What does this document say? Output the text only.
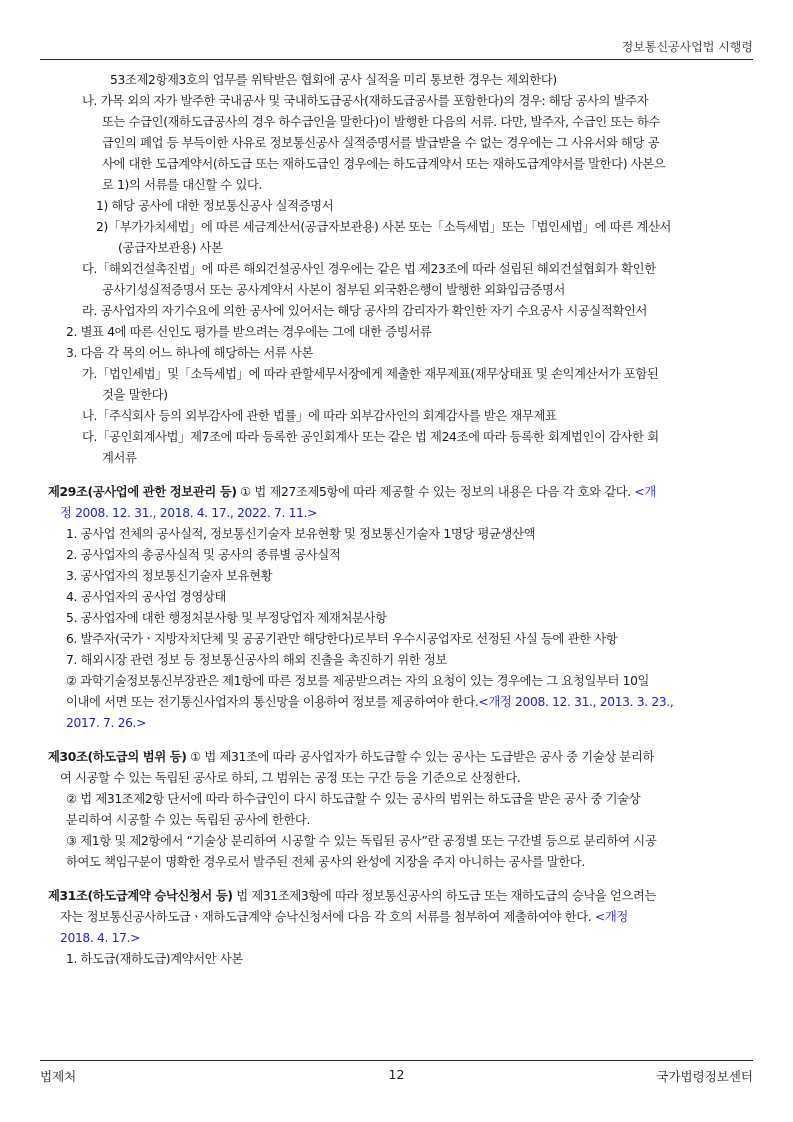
정보통신공사업법 시행령
53조제2항제3호의 업무를 위탁받은 협회에 공사 실적을 미리 통보한 경우는 제외한다)
나. 가목 외의 자가 발주한 국내공사 및 국내하도급공사(재하도급공사를 포함한다)의 경우: 해당 공사의 발주자
또는 수급인(재하도급공사의 경우 하수급인을 말한다)이 발행한 다음의 서류. 다만, 발주자, 수급인 또는 하수
급인의 폐업 등 부득이한 사유로 정보통신공사 실적증명서를 발급받을 수 없는 경우에는 그 사유서와 해당 공
사에 대한 도급계약서(하도급 또는 재하도급인 경우에는 하도급계약서 또는 재하도급계약서를 말한다) 사본으
로 1)의 서류를 대신할 수 있다.
1) 해당 공사에 대한 정보통신공사 실적증명서
2)「부가가치세법」에 따른 세금계산서(공급자보관용) 사본 또는「소득세법」또는「법인세법」에 따른 계산서
(공급자보관용) 사본
다.「해외건설촉진법」에 따른 해외건설공사인 경우에는 같은 법 제23조에 따라 설립된 해외건설협회가 확인한
공사기성실적증명서 또는 공사계약서 사본이 첨부된 외국환은행이 발행한 외화입금증명서
라. 공사업자의 자기수요에 의한 공사에 있어서는 해당 공사의 감리자가 확인한 자기 수요공사 시공실적확인서
2. 별표 4에 따른 신인도 평가를 받으려는 경우에는 그에 대한 증빙서류
3. 다음 각 목의 어느 하나에 해당하는 서류 사본
가.「법인세법」및「소득세법」에 따라 관할세무서장에게 제출한 재무제표(재무상태표 및 손익계산서가 포함된
것을 말한다)
나.「주식회사 등의 외부감사에 관한 법률」에 따라 외부감사인의 회계감사를 받은 재무제표
다.「공인회계사법」제7조에 따라 등록한 공인회계사 또는 같은 법 제24조에 따라 등록한 회계법인이 감사한 회
계서류
제29조(공사업에 관한 정보관리 등) ① 법 제27조제5항에 따라 제공할 수 있는 정보의 내용은 다음 각 호와 같다. <개
정 2008. 12. 31., 2018. 4. 17., 2022. 7. 11.>
1. 공사업 전체의 공사실적, 정보통신기술자 보유현황 및 정보통신기술자 1명당 평균생산액
2. 공사업자의 총공사실적 및 공사의 종류별 공사실적
3. 공사업자의 정보통신기술자 보유현황
4. 공사업자의 공사업 경영상태
5. 공사업자에 대한 행정처분사항 및 부정당업자 제재처분사항
6. 발주자(국가ㆍ지방자치단체 및 공공기관만 해당한다)로부터 우수시공업자로 선정된 사실 등에 관한 사항
7. 해외시장 관련 정보 등 정보통신공사의 해외 진출을 촉진하기 위한 정보
② 과학기술정보통신부장관은 제1항에 따른 정보를 제공받으려는 자의 요청이 있는 경우에는 그 요청일부터 10일
이내에 서면 또는 전기통신사업자의 통신망을 이용하여 정보를 제공하여야 한다.<개정 2008. 12. 31., 2013. 3. 23.,
2017. 7. 26.>
제30조(하도급의 범위 등) ① 법 제31조에 따라 공사업자가 하도급할 수 있는 공사는 도급받은 공사 중 기술상 분리하
여 시공할 수 있는 독립된 공사로 하되, 그 범위는 공정 또는 구간 등을 기준으로 산정한다.
② 법 제31조제2항 단서에 따라 하수급인이 다시 하도급할 수 있는 공사의 범위는 하도급을 받은 공사 중 기술상
분리하여 시공할 수 있는 독립된 공사에 한한다.
③ 제1항 및 제2항에서 “기술상 분리하여 시공할 수 있는 독립된 공사”란 공정별 또는 구간별 등으로 분리하여 시공
하여도 책임구분이 명확한 경우로서 발주된 전체 공사의 완성에 지장을 주지 아니하는 공사를 말한다.
제31조(하도급계약 승낙신청서 등) 법 제31조제3항에 따라 정보통신공사의 하도급 또는 재하도급의 승낙을 얻으려는
자는 정보통신공사하도급ㆍ재하도급계약 승낙신청서에 다음 각 호의 서류를 첨부하여 제출하여야 한다. <개정
2018. 4. 17.>
1. 하도급(재하도급)계약서안 사본
법제처	12	국가법령정보센터
